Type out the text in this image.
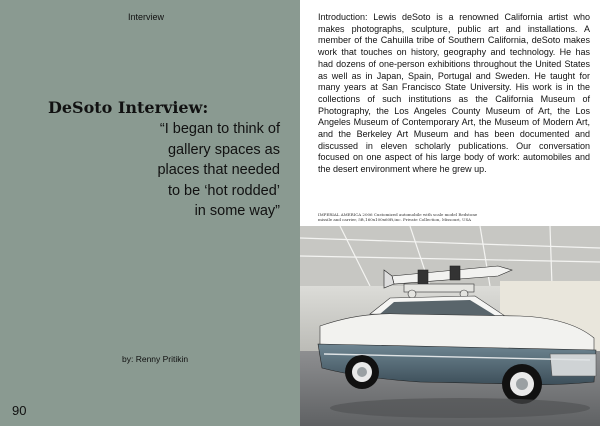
Interview
DeSoto Interview:
“I began to think of
gallery spaces as
places that needed
to be ‘hot rodded’
in some way”
by: Renny Pritikin
90

Introduction: Lewis deSoto is a renowned California artist who makes photographs, sculpture, public art and installations. A member of the Cahuilla tribe of Southern California, deSoto makes work that touches on history, geography and technology. He has had dozens of one-person exhibitions throughout the United States as well as in Japan, Spain, Portugal and Sweden. He taught for many years at San Francisco State University. His work is in the collections of such institutions as the California Museum of Photography, the Los Angeles County Museum of Art, the Los Angeles Museum of Contemporary Art, the Museum of Modern Art, and the Berkeley Art Museum and has been documented and discussed in eleven scholarly publications. Our conversation focused on one aspect of his large body of work: automobiles and the desert environment where he grew up.

IMPERIAL AMERICA 2006 Customized automobile with scale model Redstone
missile and carrier, 5ft,160x100x60ft,inc. Private Collection, Missouri, USA
